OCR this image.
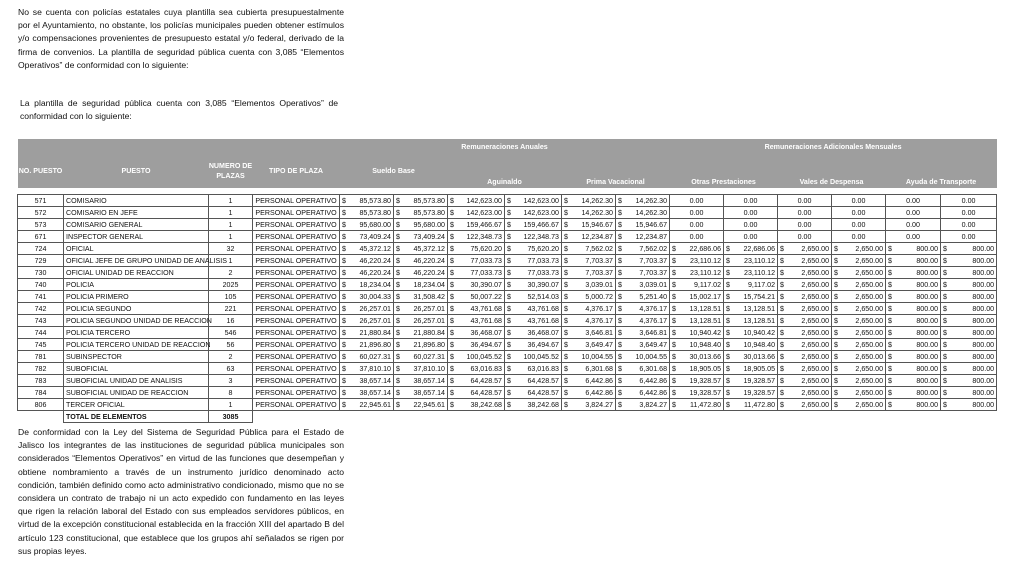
No se cuenta con policías estatales cuya plantilla sea cubierta presupuestalmente por el Ayuntamiento, no obstante, los policías municipales pueden obtener estímulos y/o compensaciones provenientes de presupuesto estatal y/o federal, derivado de la firma de convenios. La plantilla de seguridad pública cuenta con 3,085 “Elementos Operativos” de conformidad con lo siguiente:

La plantilla de seguridad pública cuenta con 3,085 “Elementos Operativos” de conformidad con lo siguiente:

				Remuneraciones Anuales						Remuneraciones Adicionales Mensuales					
NO. PUESTO	PUESTO	NUMERO DE PLAZAS	TIPO DE PLAZA	Sueldo Base		Aguinaldo		Prima Vacacional		Otras Prestaciones		Vales de Despensa		Ayuda de Transporte	

571	COMISARIO	1	PERSONAL OPERATIVO	$ 85,573.80	$ 85,573.80	$ 142,623.00	$ 142,623.00	$ 14,262.30	$ 14,262.30	0.00	0.00	0.00	0.00	0.00	0.00
572	COMISARIO EN JEFE	1	PERSONAL OPERATIVO	$ 85,573.80	$ 85,573.80	$ 142,623.00	$ 142,623.00	$ 14,262.30	$ 14,262.30	0.00	0.00	0.00	0.00	0.00	0.00
573	COMISARIO GENERAL	1	PERSONAL OPERATIVO	$ 95,680.00	$ 95,680.00	$ 159,466.67	$ 159,466.67	$ 15,946.67	$ 15,946.67	0.00	0.00	0.00	0.00	0.00	0.00
671	INSPECTOR GENERAL	1	PERSONAL OPERATIVO	$ 73,409.24	$ 73,409.24	$ 122,348.73	$ 122,348.73	$ 12,234.87	$ 12,234.87	0.00	0.00	0.00	0.00	0.00	0.00
724	OFICIAL	32	PERSONAL OPERATIVO	$ 45,372.12	$ 45,372.12	$ 75,620.20	$ 75,620.20	$ 7,562.02	$ 7,562.02	$ 22,686.06	$ 22,686.06	$ 2,650.00	$ 2,650.00	$ 800.00	$ 800.00

729	OFICIAL JEFE DE GRUPO UNIDAD DE ANALISIS	1	PERSONAL OPERATIVO	$ 46,220.24	$ 46,220.24	$ 77,033.73	$ 77,033.73	$ 7,703.37	$ 7,703.37	$ 23,110.12	$ 23,110.12	$ 2,650.00	$ 2,650.00	$ 800.00	$ 800.00

730	OFICIAL UNIDAD DE REACCION	2	PERSONAL OPERATIVO	$ 46,220.24	$ 46,220.24	$ 77,033.73	$ 77,033.73	$ 7,703.37	$ 7,703.37	$ 23,110.12	$ 23,110.12	$ 2,650.00	$ 2,650.00	$ 800.00	$ 800.00

740	POLICIA	2025	PERSONAL OPERATIVO	$ 18,234.04	$ 18,234.04	$ 30,390.07	$ 30,390.07	$ 3,039.01	$ 3,039.01	$ 9,117.02	$ 9,117.02	$ 2,650.00	$ 2,650.00	$ 800.00	$ 800.00

741	POLICIA PRIMERO	105	PERSONAL OPERATIVO	$ 30,004.33	$ 31,508.42	$ 50,007.22	$ 52,514.03	$ 5,000.72	$ 5,251.40	$ 15,002.17	$ 15,754.21	$ 2,650.00	$ 2,650.00	$ 800.00	$ 800.00

742	POLICIA SEGUNDO	221	PERSONAL OPERATIVO	$ 26,257.01	$ 26,257.01	$ 43,761.68	$ 43,761.68	$ 4,376.17	$ 4,376.17	$ 13,128.51	$ 13,128.51	$ 2,650.00	$ 2,650.00	$ 800.00	$ 800.00

743	POLICIA SEGUNDO UNIDAD DE REACCION	16	PERSONAL OPERATIVO	$ 26,257.01	$ 26,257.01	$ 43,761.68	$ 43,761.68	$ 4,376.17	$ 4,376.17	$ 13,128.51	$ 13,128.51	$ 2,650.00	$ 2,650.00	$ 800.00	$ 800.00

744	POLICIA TERCERO	546	PERSONAL OPERATIVO	$ 21,880.84	$ 21,880.84	$ 36,468.07	$ 36,468.07	$ 3,646.81	$ 3,646.81	$ 10,940.42	$ 10,940.42	$ 2,650.00	$ 2,650.00	$ 800.00	$ 800.00

745	POLICIA TERCERO UNIDAD DE REACCION	56	PERSONAL OPERATIVO	$ 21,896.80	$ 21,896.80	$ 36,494.67	$ 36,494.67	$ 3,649.47	$ 3,649.47	$ 10,948.40	$ 10,948.40	$ 2,650.00	$ 2,650.00	$ 800.00	$ 800.00

781	SUBINSPECTOR	2	PERSONAL OPERATIVO	$ 60,027.31	$ 60,027.31	$ 100,045.52	$ 100,045.52	$ 10,004.55	$ 10,004.55	$ 30,013.66	$ 30,013.66	$ 2,650.00	$ 2,650.00	$ 800.00	$ 800.00

782	SUBOFICIAL	63	PERSONAL OPERATIVO	$ 37,810.10	$ 37,810.10	$ 63,016.83	$ 63,016.83	$ 6,301.68	$ 6,301.68	$ 18,905.05	$ 18,905.05	$ 2,650.00	$ 2,650.00	$ 800.00	$ 800.00

783	SUBOFICIAL UNIDAD DE ANALISIS	3	PERSONAL OPERATIVO	$ 38,657.14	$ 38,657.14	$ 64,428.57	$ 64,428.57	$ 6,442.86	$ 6,442.86	$ 19,328.57	$ 19,328.57	$ 2,650.00	$ 2,650.00	$ 800.00	$ 800.00

784	SUBOFICIAL UNIDAD DE REACCION	8	PERSONAL OPERATIVO	$ 38,657.14	$ 38,657.14	$ 64,428.57	$ 64,428.57	$ 6,442.86	$ 6,442.86	$ 19,328.57	$ 19,328.57	$ 2,650.00	$ 2,650.00	$ 800.00	$ 800.00

806	TERCER OFICIAL	1	PERSONAL OPERATIVO	$ 22,945.61	$ 22,945.61	$ 38,242.68	$ 38,242.68	$ 3,824.27	$ 3,824.27	$ 11,472.80	$ 11,472.80	$ 2,650.00	$ 2,650.00	$ 800.00	$ 800.00

	TOTAL DE ELEMENTOS	3085													

De conformidad con la Ley del Sistema de Seguridad Pública para el Estado de Jalisco los integrantes de las instituciones de seguridad pública municipales son considerados “Elementos Operativos” en virtud de las funciones que desempeñan y obtiene nombramiento a través de un instrumento jurídico denominado acto condición, también definido como acto administrativo condicionado, mismo que no se considera un contrato de trabajo ni un acto expedido con fundamento en las leyes que rigen la relación laboral del Estado con sus empleados servidores públicos, en virtud de la excepción constitucional establecida en la fracción XIII del apartado B del artículo 123 constitucional, que establece que los grupos ahí señalados se rigen por sus propias leyes.
